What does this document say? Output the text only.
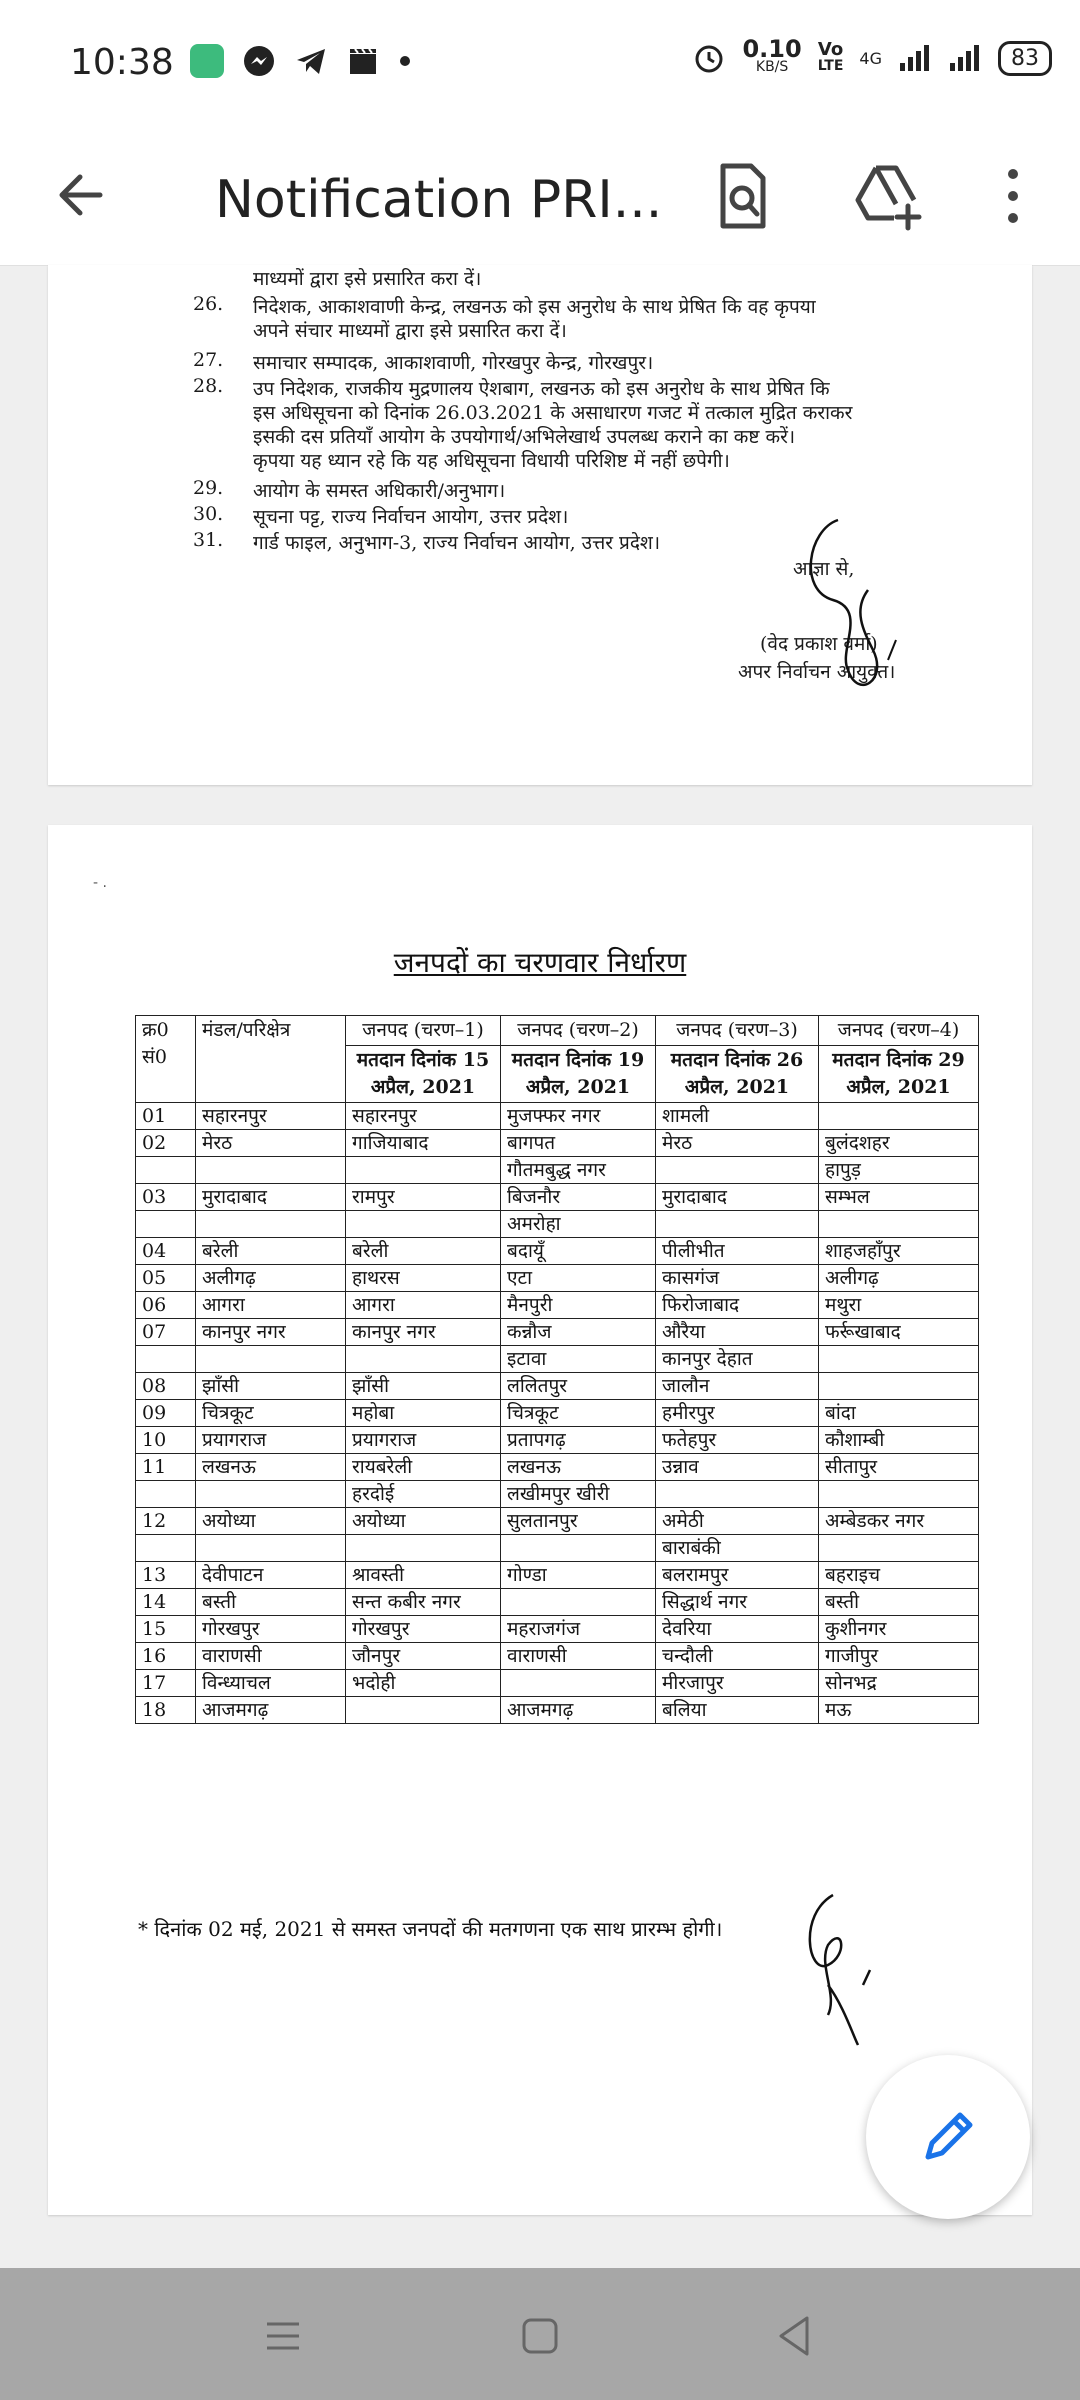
10:38	0.10
KB/S
Vo
LTE 4G	83
Notification PRI...
माध्यमों द्वारा इसे प्रसारित करा दें।
26. निदेशक, आकाशवाणी केन्द्र, लखनऊ को इस अनुरोध के साथ प्रेषित कि वह कृपया
अपने संचार माध्यमों द्वारा इसे प्रसारित करा दें।
27. समाचार सम्पादक, आकाशवाणी, गोरखपुर केन्द्र, गोरखपुर।
28. उप निदेशक, राजकीय मुद्रणालय ऐशबाग, लखनऊ को इस अनुरोध के साथ प्रेषित कि
इस अधिसूचना को दिनांक 26.03.2021 के असाधारण गजट में तत्काल मुद्रित कराकर
इसकी दस प्रतियाँ आयोग के उपयोगार्थ/अभिलेखार्थ उपलब्ध कराने का कष्ट करें।
कृपया यह ध्यान रहे कि यह अधिसूचना विधायी परिशिष्ट में नहीं छपेगी।
29. आयोग के समस्त अधिकारी/अनुभाग।
30. सूचना पट्ट, राज्य निर्वाचन आयोग, उत्तर प्रदेश।
31. गार्ड फाइल, अनुभाग-3, राज्य निर्वाचन आयोग, उत्तर प्रदेश।
आज्ञा से,
(वेद प्रकाश वर्मा)
अपर निर्वाचन आयुक्त।
- .
जनपदों का चरणवार निर्धारण
क्र0 सं0	मंडल/परिक्षेत्र	जनपद (चरण–1)	जनपद (चरण–2)	जनपद (चरण–3)	जनपद (चरण–4)
		मतदान दिनांक 15 अप्रैल, 2021	मतदान दिनांक 19 अप्रैल, 2021	मतदान दिनांक 26 अप्रैल, 2021	मतदान दिनांक 29 अप्रैल, 2021
01	सहारनपुर	सहारनपुर	मुजफ्फर नगर	शामली	
02	मेरठ	गाजियाबाद	बागपत	मेरठ	बुलंदशहर
			गौतमबुद्ध नगर		हापुड़
03	मुरादाबाद	रामपुर	बिजनौर	मुरादाबाद	सम्भल
			अमरोहा		
04	बरेली	बरेली	बदायूँ	पीलीभीत	शाहजहाँपुर
05	अलीगढ़	हाथरस	एटा	कासगंज	अलीगढ़
06	आगरा	आगरा	मैनपुरी	फिरोजाबाद	मथुरा
07	कानपुर नगर	कानपुर नगर	कन्नौज	औरैया	फर्रूखाबाद
			इटावा	कानपुर देहात	
08	झाँसी	झाँसी	ललितपुर	जालौन	
09	चित्रकूट	महोबा	चित्रकूट	हमीरपुर	बांदा
10	प्रयागराज	प्रयागराज	प्रतापगढ़	फतेहपुर	कौशाम्बी
11	लखनऊ	रायबरेली	लखनऊ	उन्नाव	सीतापुर
		हरदोई	लखीमपुर खीरी		
12	अयोध्या	अयोध्या	सुलतानपुर	अमेठी	अम्बेडकर नगर
				बाराबंकी	
13	देवीपाटन	श्रावस्ती	गोण्डा	बलरामपुर	बहराइच
14	बस्ती	सन्त कबीर नगर		सिद्धार्थ नगर	बस्ती
15	गोरखपुर	गोरखपुर	महराजगंज	देवरिया	कुशीनगर
16	वाराणसी	जौनपुर	वाराणसी	चन्दौली	गाजीपुर
17	विन्ध्याचल	भदोही		मीरजापुर	सोनभद्र
18	आजमगढ़		आजमगढ़	बलिया	मऊ
* दिनांक 02 मई, 2021 से समस्त जनपदों की मतगणना एक साथ प्रारम्भ होगी।
